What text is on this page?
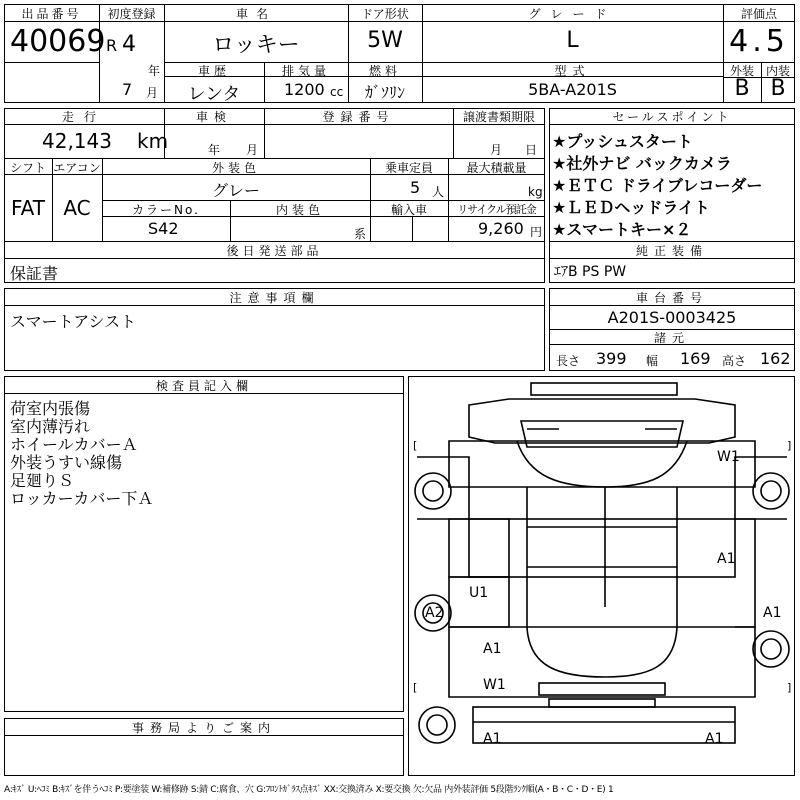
出品番号
40069
初度登録
R 4
年
7 月
車名
ロッキー
ドア形状
5W
グレード
L
評価点
4.5
外装 内装
B B
車歴
レンタ
排気量
1200 cc
燃料
ｶﾞｿﾘﾝ
型式
5BA-A201S
走行
42,143 km
車検
年 月
登録番号	譲渡書類期限
月 日
シフト
FAT
エアコン
AC
外装色
グレー
乗車定員
5 人
最大積載量
kg
カラーNo.
S42
内装色
系
輸入車	リサイクル預託金
9,260 円
後日発送部品
保証書
セールスポイント
★プッシュスタート
★社外ナビ バックカメラ
★ＥＴＣ ドライブレコーダー
★ＬＥＤヘッドライト
★スマートキー×２
純正装備
ｴｱB PS PW
注意事項欄
スマートアシスト
車台番号
A201S-0003425
諸元
長さ 399 幅 169 高さ 162
検査員記入欄
荷室内張傷
室内薄汚れ
ホイールカバーＡ
外装うすい線傷
足廻りＳ
ロッカーカバー下Ａ
事務局よりご案内
[	]
[	]
W1
A1
U1
A2	A1
A1
W1
A1	A1
A:ｷｽﾞ U:ﾍｺﾐ B:ｷｽﾞを伴うﾍｺﾐ P:要塗装 W:補修跡 S:錆 C:腐食、穴 G:ﾌﾛﾝﾄｶﾞﾗｽ点ｷｽﾞ XX:交換済み X:要交換 欠:欠品 内外装評価 5段階ﾗﾝｸ順(A・B・C・D・E) 1
